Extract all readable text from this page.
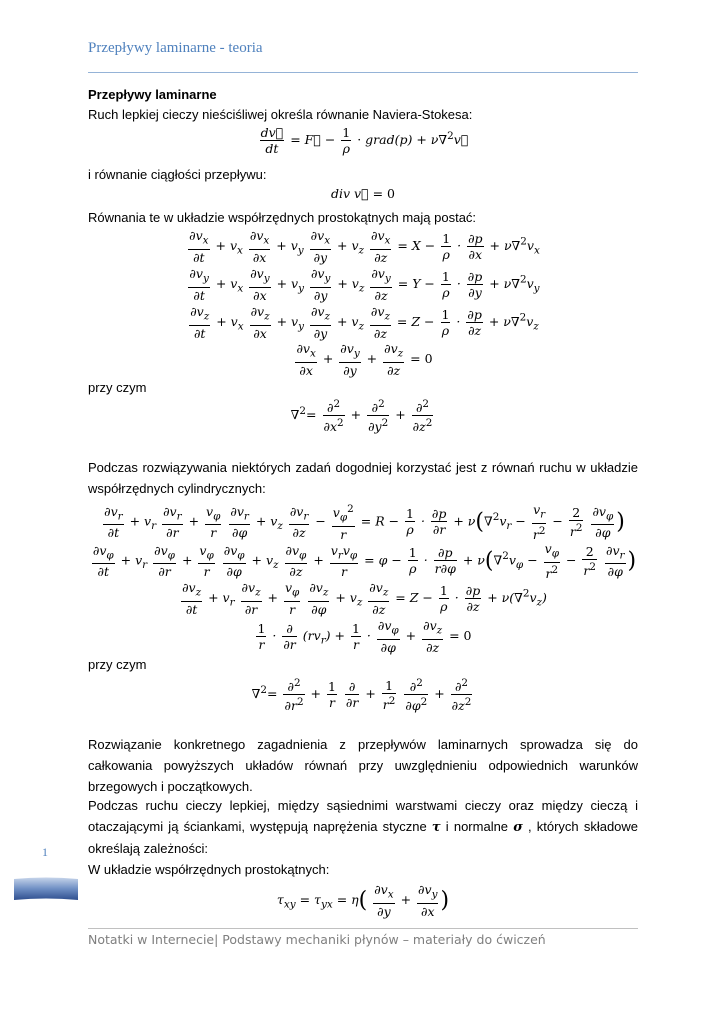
Przepływy laminarne - teoria
Przepływy laminarne
Ruch lepkiej cieczy nieściśliwej określa równanie Naviera-Stokesa:
$\frac{dv⃗}{dt}$ = F⃗ − $\frac{1}{\rho}$ · grad(p) + ν∇$^2$v⃗
i równanie ciągłości przepływu:
div v⃗ = 0
Równania te w układzie współrzędnych prostokątnych mają postać:
$\frac{\partial v_x}{\partial t} + v_x \frac{\partial v_x}{\partial x} + v_y \frac{\partial v_x}{\partial y} + v_z \frac{\partial v_x}{\partial z} = X - \frac{1}{\rho} \cdot \frac{\partial p}{\partial x} + \nu\nabla^2v_x$
$\frac{\partial v_y}{\partial t} + v_x \frac{\partial v_y}{\partial x} + v_y \frac{\partial v_y}{\partial y} + v_z \frac{\partial v_y}{\partial z} = Y - \frac{1}{\rho} \cdot \frac{\partial p}{\partial y} + \nu\nabla^2v_y$
$\frac{\partial v_z}{\partial t} + v_x \frac{\partial v_z}{\partial x} + v_y \frac{\partial v_z}{\partial y} + v_z \frac{\partial v_z}{\partial z} = Z - \frac{1}{\rho} \cdot \frac{\partial p}{\partial z} + \nu\nabla^2v_z$
$\frac{\partial v_x}{\partial x} + \frac{\partial v_y}{\partial y} + \frac{\partial v_z}{\partial z} = 0$
przy czym
$\nabla^2= \frac{\partial^2}{\partial x^2} + \frac{\partial^2}{\partial y^2} + \frac{\partial^2}{\partial z^2}$
Podczas rozwiązywania niektórych zadań dogodniej korzystać jest z równań ruchu w układzie współrzędnych cylindrycznych:
$\frac{\partial v_r}{\partial t} + v_r \frac{\partial v_r}{\partial r} + \frac{v_\varphi}{r}$
$\frac{\partial v_r}{\partial\varphi} + v_z \frac{\partial v_r}{\partial z} - \frac{v_\varphi^2}{r} = R - \frac{1}{\rho} \cdot \frac{\partial p}{\partial r} + \nu(\nabla^2v_r - \frac{v_r}{r^2} - \frac{2}{r^2}$
$\frac{\partial v_\varphi}{\partial\varphi}$ )
$\frac{\partial v_\varphi}{\partial t} + v_r \frac{\partial v_\varphi}{\partial r} + \frac{v_\varphi}{r}$
$\frac{\partial v_\varphi}{\partial\varphi} + v_z \frac{\partial v_\varphi}{\partial z} + \frac{v_rv_\varphi}{r} = \varphi - \frac{1}{\rho} \cdot \frac{\partial p}{r\partial\varphi} + \nu(\nabla^2v_\varphi - \frac{v_\varphi}{r^2} - \frac{2}{r^2}$
$\frac{\partial v_r}{\partial\varphi}$ )
$\frac{\partial v_z}{\partial t} + v_r \frac{\partial v_z}{\partial r} + \frac{v_\varphi}{r}$
$\frac{\partial v_z}{\partial\varphi} + v_z \frac{\partial v_z}{\partial z} = Z - \frac{1}{\rho} \cdot \frac{\partial p}{\partial z} + \nu(\nabla^2v_z)$
$\frac{1}{r} \cdot \frac{\partial}{\partial r} (rv_r) + \frac{1}{r} \cdot \frac{\partial v_\varphi}{\partial\varphi} + \frac{\partial v_z}{\partial z} = 0$
przy czym
$\nabla^2= \frac{\partial^2}{\partial r^2} + \frac{1}{r}$
$\frac{\partial}{\partial r} + \frac{1}{r^2}$
$\frac{\partial^2}{\partial\varphi^2} + \frac{\partial^2}{\partial z^2}$
Rozwiązanie konkretnego zagadnienia z przepływów laminarnych sprowadza się do całkowania powyższych układów równań przy uwzględnieniu odpowiednich warunków brzegowych i początkowych.
Podczas ruchu cieczy lepkiej, między sąsiednimi warstwami cieczy oraz między cieczą i otaczającymi ją ściankami, występują naprężenia styczne τ i normalne σ , których składowe określają zależności:
W układzie współrzędnych prostokątnych:
$\tau_{xy} = \tau_{yx} = \eta( \frac{\partial v_x}{\partial y} + \frac{\partial v_y}{\partial x}$ )
1
Notatki w Internecie| Podstawy mechaniki płynów – materiały do ćwiczeń
